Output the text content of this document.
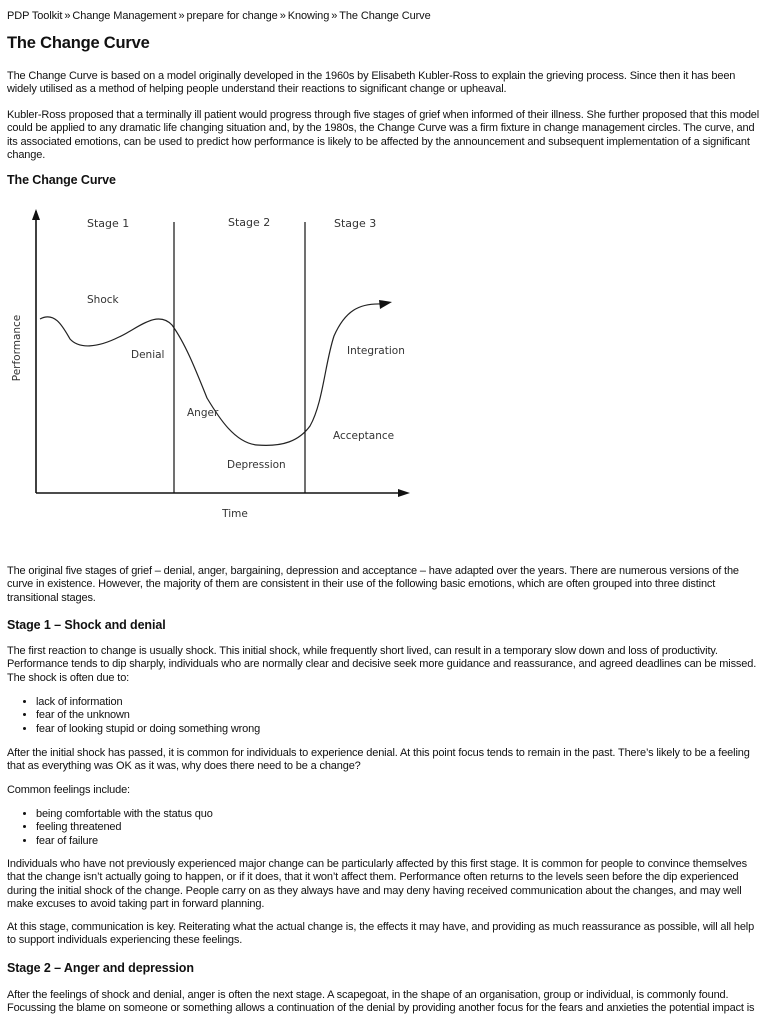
PDP Toolkit » Change Management » prepare for change » Knowing » The Change Curve
The Change Curve

The Change Curve is based on a model originally developed in the 1960s by Elisabeth Kubler-Ross to explain the grieving process. Since then it has been widely utilised as a method of helping people understand their reactions to significant change or upheaval.

Kubler-Ross proposed that a terminally ill patient would progress through five stages of grief when informed of their illness. She further proposed that this model could be applied to any dramatic life changing situation and, by the 1980s, the Change Curve was a firm fixture in change management circles. The curve, and its associated emotions, can be used to predict how performance is likely to be affected by the announcement and subsequent implementation of a significant change.

The Change Curve
Stage 1	Stage 2	Stage 3
Shock
Denial
Anger
Depression
Acceptance
Integration
Performance
Time

The original five stages of grief – denial, anger, bargaining, depression and acceptance – have adapted over the years. There are numerous versions of the curve in existence. However, the majority of them are consistent in their use of the following basic emotions, which are often grouped into three distinct transitional stages.

Stage 1 – Shock and denial

The first reaction to change is usually shock. This initial shock, while frequently short lived, can result in a temporary slow down and loss of productivity. Performance tends to dip sharply, individuals who are normally clear and decisive seek more guidance and reassurance, and agreed deadlines can be missed. The shock is often due to:

• lack of information
• fear of the unknown
• fear of looking stupid or doing something wrong

After the initial shock has passed, it is common for individuals to experience denial. At this point focus tends to remain in the past. There’s likely to be a feeling that as everything was OK as it was, why does there need to be a change?

Common feelings include:

• being comfortable with the status quo
• feeling threatened
• fear of failure

Individuals who have not previously experienced major change can be particularly affected by this first stage. It is common for people to convince themselves that the change isn’t actually going to happen, or if it does, that it won’t affect them. Performance often returns to the levels seen before the dip experienced during the initial shock of the change. People carry on as they always have and may deny having received communication about the changes, and may well make excuses to avoid taking part in forward planning.

At this stage, communication is key. Reiterating what the actual change is, the effects it may have, and providing as much reassurance as possible, will all help to support individuals experiencing these feelings.

Stage 2 – Anger and depression

After the feelings of shock and denial, anger is often the next stage. A scapegoat, in the shape of an organisation, group or individual, is commonly found. Focussing the blame on someone or something allows a continuation of the denial by providing another focus for the fears and anxieties the potential impact is
